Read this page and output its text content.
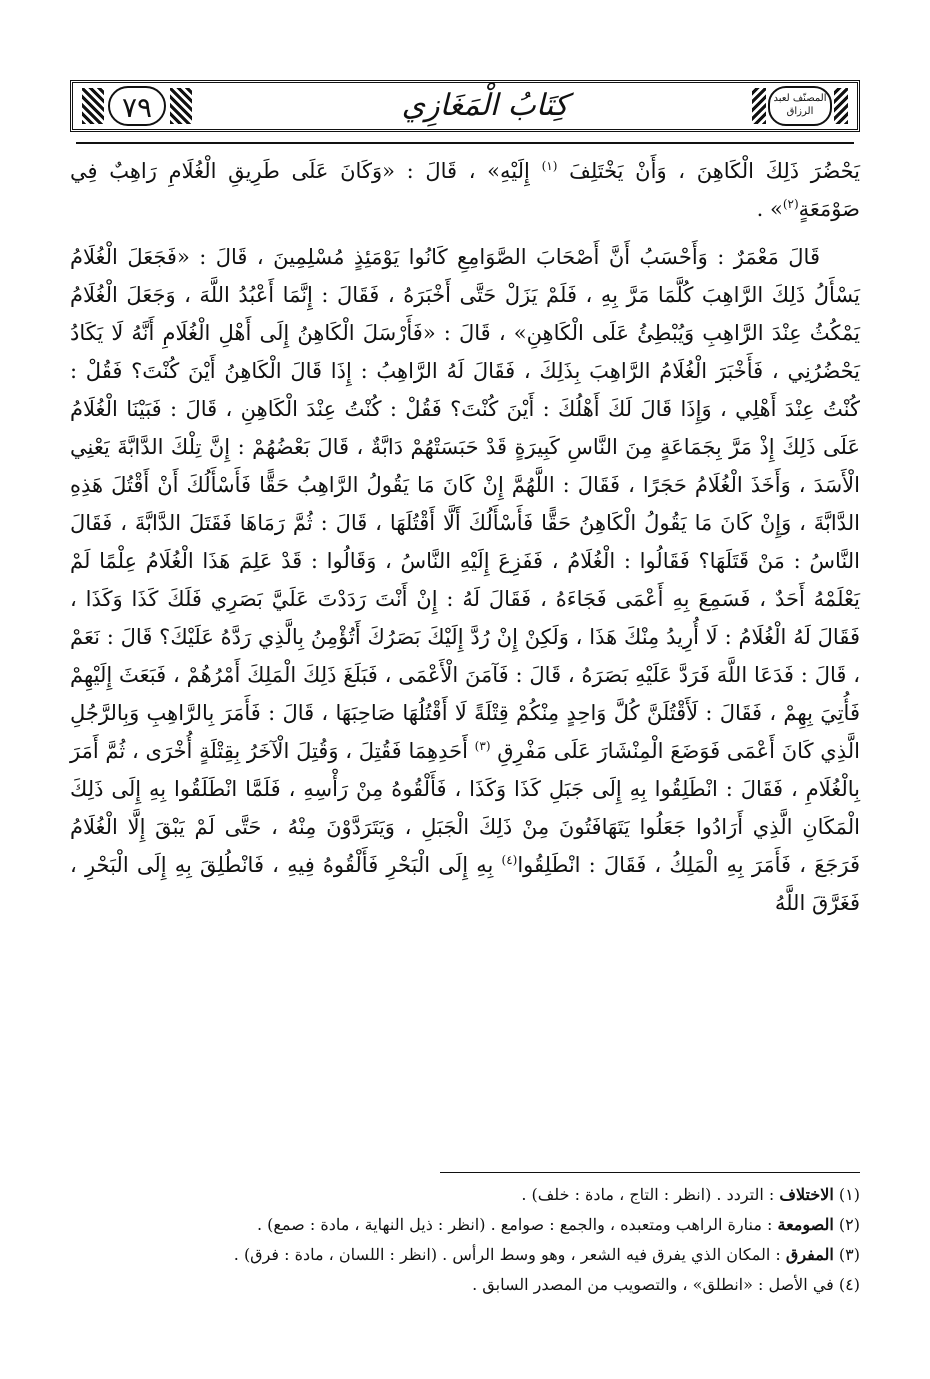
٧٩	كِتَابُ الْمَغَازِي	المصنّف لعبد الرزاق

يَحْضُرَ ذَلِكَ الْكَاهِنَ ، وَأَنْ يَخْتَلِفَ $^{(١)}$ إِلَيْهِ» ، قَالَ : «وَكَانَ عَلَى طَرِيقِ الْغُلَامِ رَاهِبٌ فِي صَوْمَعَةٍ$^{(٢)}$» .

قَالَ مَعْمَرٌ : وَأَحْسَبُ أَنَّ أَصْحَابَ الصَّوَامِعِ كَانُوا يَوْمَئِذٍ مُسْلِمِينَ ، قَالَ : «فَجَعَلَ الْغُلَامُ يَسْأَلُ ذَلِكَ الرَّاهِبَ كُلَّمَا مَرَّ بِهِ ، فَلَمْ يَزَلْ حَتَّى أَخْبَرَهُ ، فَقَالَ : إِنَّمَا أَعْبُدُ اللَّهَ ، وَجَعَلَ الْغُلَامُ يَمْكُثُ عِنْدَ الرَّاهِبِ وَيُبْطِئُ عَلَى الْكَاهِنِ» ، قَالَ : «فَأَرْسَلَ الْكَاهِنُ إِلَى أَهْلِ الْغُلَامِ أَنَّهُ لَا يَكَادُ يَحْضُرُنِي ، فَأَخْبَرَ الْغُلَامُ الرَّاهِبَ بِذَلِكَ ، فَقَالَ لَهُ الرَّاهِبُ : إِذَا قَالَ الْكَاهِنُ أَيْنَ كُنْتَ؟ فَقُلْ : كُنْتُ عِنْدَ أَهْلِي ، وَإِذَا قَالَ لَكَ أَهْلُكَ : أَيْنَ كُنْتَ؟ فَقُلْ : كُنْتُ عِنْدَ الْكَاهِنِ ، قَالَ : فَبَيْنَا الْغُلَامُ عَلَى ذَلِكَ إِذْ مَرَّ بِجَمَاعَةٍ مِنَ النَّاسِ كَبِيرَةٍ قَدْ حَبَسَتْهُمْ دَابَّةٌ ، قَالَ بَعْضُهُمْ : إِنَّ تِلْكَ الدَّابَّةَ يَعْنِي الْأَسَدَ ، وَأَخَذَ الْغُلَامُ حَجَرًا ، فَقَالَ : اللَّهُمَّ إِنْ كَانَ مَا يَقُولُ الرَّاهِبُ حَقًّا فَأَسْأَلُكَ أَنْ أَقْتُلَ هَذِهِ الدَّابَّةَ ، وَإِنْ كَانَ مَا يَقُولُ الْكَاهِنُ حَقًّا فَأَسْأَلُكَ أَلَّا أَقْتُلَهَا ، قَالَ : ثُمَّ رَمَاهَا فَقَتَلَ الدَّابَّةَ ، فَقَالَ النَّاسُ : مَنْ قَتَلَهَا؟ فَقَالُوا : الْغُلَامُ ، فَفَزِعَ إِلَيْهِ النَّاسُ ، وَقَالُوا : قَدْ عَلِمَ هَذَا الْغُلَامُ عِلْمًا لَمْ يَعْلَمْهُ أَحَدٌ ، فَسَمِعَ بِهِ أَعْمَى فَجَاءَهُ ، فَقَالَ لَهُ : إِنْ أَنْتَ رَدَدْتَ عَلَيَّ بَصَرِي فَلَكَ كَذَا وَكَذَا ، فَقَالَ لَهُ الْغُلَامُ : لَا أُرِيدُ مِنْكَ هَذَا ، وَلَكِنْ إِنْ رُدَّ إِلَيْكَ بَصَرُكَ أَتُؤْمِنُ بِالَّذِي رَدَّهُ عَلَيْكَ؟ قَالَ : نَعَمْ ، قَالَ : فَدَعَا اللَّهَ فَرَدَّ عَلَيْهِ بَصَرَهُ ، قَالَ : فَآمَنَ الْأَعْمَى ، فَبَلَغَ ذَلِكَ الْمَلِكَ أَمْرُهُمْ ، فَبَعَثَ إِلَيْهِمْ فَأُتِيَ بِهِمْ ، فَقَالَ : لَأَقْتُلَنَّ كُلَّ وَاحِدٍ مِنْكُمْ قِتْلَةً لَا أَقْتُلُهَا صَاحِبَهَا ، قَالَ : فَأَمَرَ بِالرَّاهِبِ وَبِالرَّجُلِ الَّذِي كَانَ أَعْمَى فَوَضَعَ الْمِنْشَارَ عَلَى مَفْرِقِ $^{(٣)}$ أَحَدِهِمَا فَقُتِلَ ، وَقُتِلَ الْآخَرُ بِقِتْلَةٍ أُخْرَى ، ثُمَّ أَمَرَ بِالْغُلَامِ ، فَقَالَ : انْطَلِقُوا بِهِ إِلَى جَبَلِ كَذَا وَكَذَا ، فَأَلْقُوهُ مِنْ رَأْسِهِ ، فَلَمَّا انْطَلَقُوا بِهِ إِلَى ذَلِكَ الْمَكَانِ الَّذِي أَرَادُوا جَعَلُوا يَتَهَافَتُونَ مِنْ ذَلِكَ الْجَبَلِ ، وَيَتَرَدَّوْنَ مِنْهُ ، حَتَّى لَمْ يَبْقَ إِلَّا الْغُلَامُ فَرَجَعَ ، فَأَمَرَ بِهِ الْمَلِكُ ، فَقَالَ : انْطَلِقُوا$^{(٤)}$ بِهِ إِلَى الْبَحْرِ فَأَلْقُوهُ فِيهِ ، فَانْطُلِقَ بِهِ إِلَى الْبَحْرِ ، فَغَرَّقَ اللَّهُ

(١) الاختلاف : التردد . (انظر : التاج ، مادة : خلف) .

(٢) الصومعة : منارة الراهب ومتعبده ، والجمع : صوامع . (انظر : ذيل النهاية ، مادة : صمع) .

(٣) المفرق : المكان الذي يفرق فيه الشعر ، وهو وسط الرأس . (انظر : اللسان ، مادة : فرق) .

(٤) في الأصل : «انطلق» ، والتصويب من المصدر السابق .
